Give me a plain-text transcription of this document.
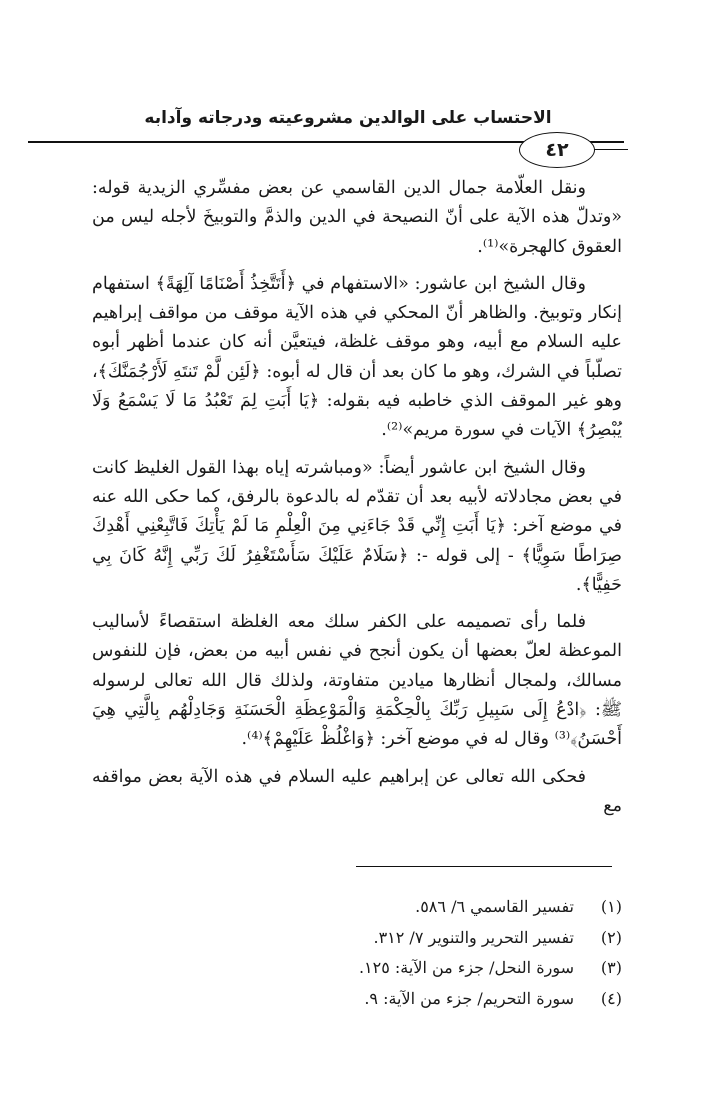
الاحتساب على الوالدين مشروعيته ودرجاته وآدابه
٤٢

ونقل العلّامة جمال الدين القاسمي عن بعض مفسِّري الزيدية قوله: «وتدلّ هذه الآية على أنّ النصيحة في الدين والذمَّ والتوبيخَ لأجله ليس من العقوق كالهجرة»⁽¹⁾.

وقال الشيخ ابن عاشور: «الاستفهام في ﴿أَتَتَّخِذُ أَصْنَامًا آلِهَةً﴾ استفهام إنكار وتوبيخ. والظاهر أنّ المحكي في هذه الآية موقف من مواقف إبراهيم عليه السلام مع أبيه، وهو موقف غلظة، فيتعيَّن أنه كان عندما أظهر أبوه تصلّباً في الشرك، وهو ما كان بعد أن قال له أبوه: ﴿لَئِن لَّمْ تَنتَهِ لَأَرْجُمَنَّكَ﴾، وهو غير الموقف الذي خاطبه فيه بقوله: ﴿يَا أَبَتِ لِمَ تَعْبُدُ مَا لَا يَسْمَعُ وَلَا يُبْصِرُ﴾ الآيات في سورة مريم»⁽²⁾.

وقال الشيخ ابن عاشور أيضاً: «ومباشرته إياه بهذا القول الغليظ كانت في بعض مجادلاته لأبيه بعد أن تقدّم له بالدعوة بالرفق، كما حكى الله عنه في موضع آخر: ﴿يَا أَبَتِ إِنِّي قَدْ جَاءَنِي مِنَ الْعِلْمِ مَا لَمْ يَأْتِكَ فَاتَّبِعْنِي أَهْدِكَ صِرَاطًا سَوِيًّا﴾ - إلى قوله -: ﴿سَلَامٌ عَلَيْكَ سَأَسْتَغْفِرُ لَكَ رَبِّي إِنَّهُ كَانَ بِي حَفِيًّا﴾.

فلما رأى تصميمه على الكفر سلك معه الغلظة استقصاءً لأساليب الموعظة لعلّ بعضها أن يكون أنجح في نفس أبيه من بعض، فإن للنفوس مسالك، ولمجال أنظارها ميادين متفاوتة، ولذلك قال الله تعالى لرسوله ﷺ: ﴿ادْعُ إِلَى سَبِيلِ رَبِّكَ بِالْحِكْمَةِ وَالْمَوْعِظَةِ الْحَسَنَةِ وَجَادِلْهُم بِالَّتِي هِيَ أَحْسَنُ﴾⁽³⁾ وقال له في موضع آخر: ﴿وَاغْلُظْ عَلَيْهِمْ﴾⁽⁴⁾.

فحكى الله تعالى عن إبراهيم عليه السلام في هذه الآية بعض مواقفه مع

(١)
تفسير القاسمي ٦/ ٥٨٦.
(٢)
تفسير التحرير والتنوير ٧/ ٣١٢.
(٣)
سورة النحل/ جزء من الآية: ١٢٥.
(٤)
سورة التحريم/ جزء من الآية: ٩.
